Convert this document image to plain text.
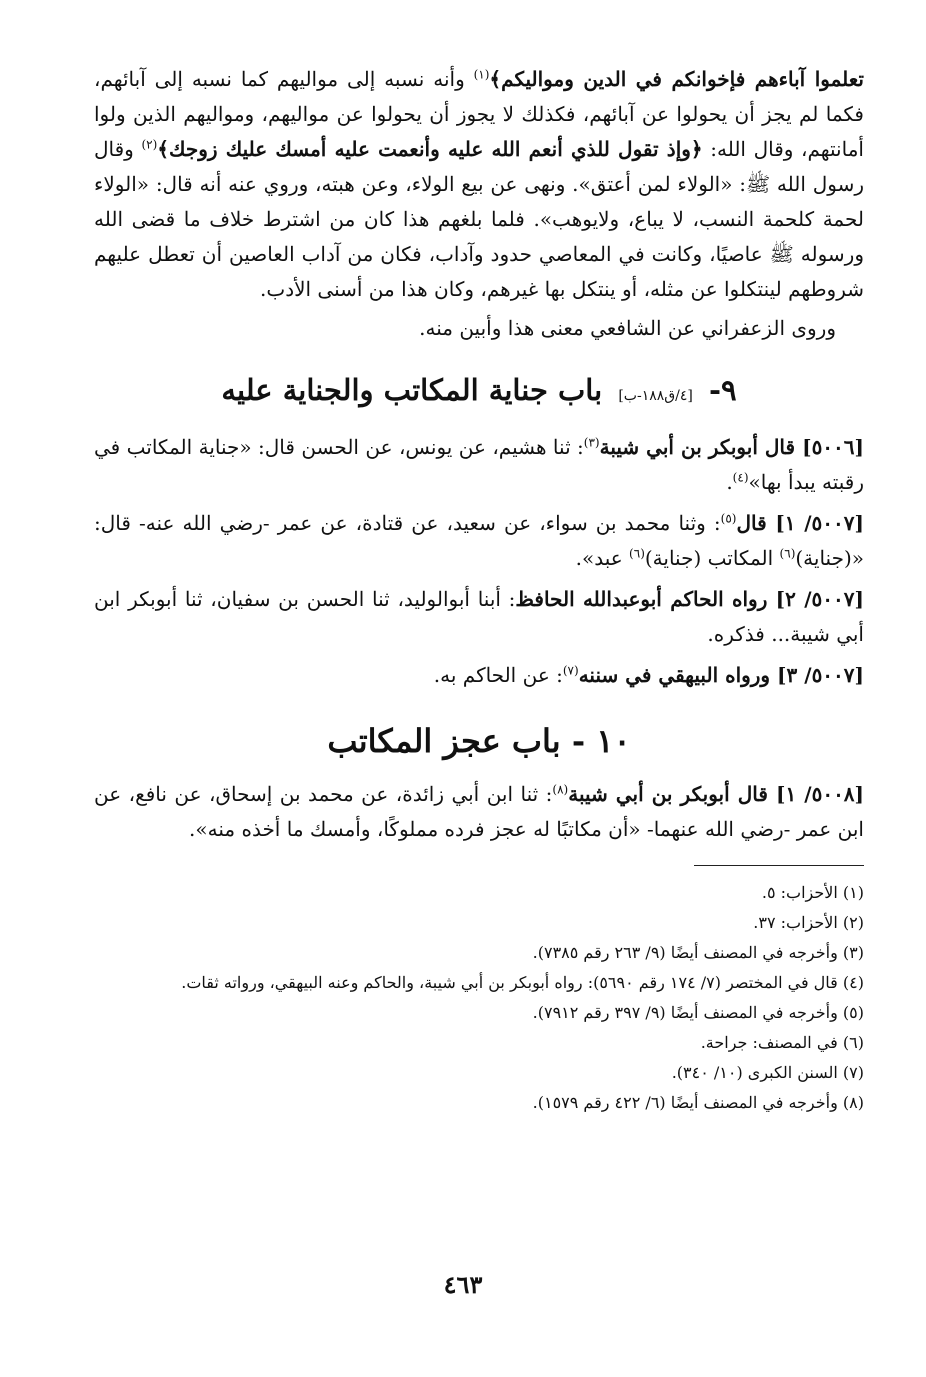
تعلموا آباءهم فإخوانكم في الدين ومواليكم﴾$^{(١)}$ وأنه نسبه إلى مواليهم كما نسبه إلى آبائهم، فكما لم يجز أن يحولوا عن آبائهم، فكذلك لا يجوز أن يحولوا عن مواليهم، ومواليهم الذين ولوا أمانتهم، وقال الله: ﴿وإذ تقول للذي أنعم الله عليه وأنعمت عليه أمسك عليك زوجك﴾$^{(٢)}$ وقال رسول الله ﷺ: «الولاء لمن أعتق». ونهى عن بيع الولاء، وعن هبته، وروي عنه أنه قال: «الولاء لحمة كلحمة النسب، لا يباع، ولايوهب». فلما بلغهم هذا كان من اشترط خلاف ما قضى الله ورسوله ﷺ عاصيًا، وكانت في المعاصي حدود وآداب، فكان من آداب العاصين أن تعطل عليهم شروطهم لينتكلوا عن مثله، أو ينتكل بها غيرهم، وكان هذا من أسنى الأدب.

وروى الزعفراني عن الشافعي معنى هذا وأبين منه.

٩- [٤/ق١٨٨-ب] باب جناية المكاتب والجناية عليه

[٥٠٠٦] قال أبوبكر بن أبي شيبة$^{(٣)}$: ثنا هشيم، عن يونس، عن الحسن قال: «جناية المكاتب في رقبته يبدأ بها»$^{(٤)}$.

[٥٠٠٧/ ١] قال$^{(٥)}$: وثنا محمد بن سواء، عن سعيد، عن قتادة، عن عمر -رضي الله عنه- قال: «(جناية)$^{(٦)}$ المكاتب (جناية)$^{(٦)}$ عبد».

[٥٠٠٧/ ٢] رواه الحاكم أبوعبدالله الحافظ: أبنا أبوالوليد، ثنا الحسن بن سفيان، ثنا أبوبكر ابن أبي شيبة... فذكره.

[٥٠٠٧/ ٣] ورواه البيهقي في سننه$^{(٧)}$: عن الحاكم به.

١٠ - باب عجز المكاتب

[٥٠٠٨/ ١] قال أبوبكر بن أبي شيبة$^{(٨)}$: ثنا ابن أبي زائدة، عن محمد بن إسحاق، عن نافع، عن ابن عمر -رضي الله عنهما- «أن مكاتبًا له عجز فرده مملوكًا، وأمسك ما أخذه منه».

(١) الأحزاب: ٥.
(٢) الأحزاب: ٣٧.
(٣) وأخرجه في المصنف أيضًا (٩/ ٢٦٣ رقم ٧٣٨٥).
(٤) قال في المختصر (٧/ ١٧٤ رقم ٥٦٩٠): رواه أبوبكر بن أبي شيبة، والحاكم وعنه البيهقي، ورواته ثقات.
(٥) وأخرجه في المصنف أيضًا (٩/ ٣٩٧ رقم ٧٩١٢).
(٦) في المصنف: جراحة.
(٧) السنن الكبرى (١٠/ ٣٤٠).
(٨) وأخرجه في المصنف أيضًا (٦/ ٤٢٢ رقم ١٥٧٩).
٤٦٣
